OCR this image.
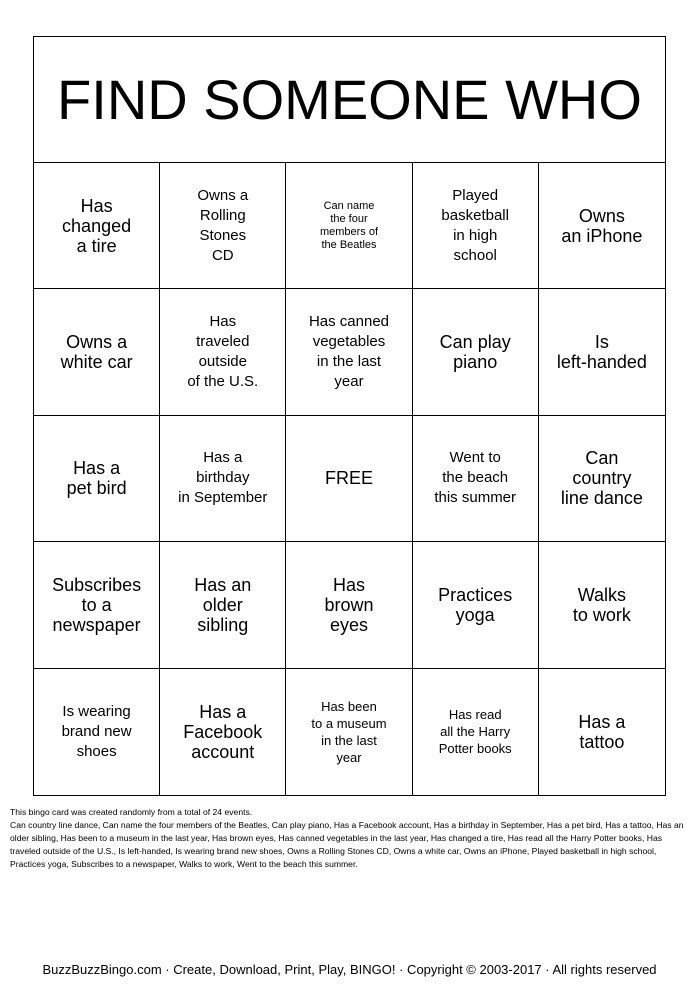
FIND SOMEONE WHO
Has
changed
a tire
Owns a
Rolling
Stones
CD
Can name
the four
members of
the Beatles
Played
basketball
in high
school
Owns
an iPhone
Owns a
white car
Has
traveled
outside
of the U.S.
Has canned
vegetables
in the last
year
Can play
piano
Is
left-handed
Has a
pet bird
Has a
birthday
in September
FREE
Went to
the beach
this summer
Can
country
line dance
Subscribes
to a
newspaper
Has an
older
sibling
Has
brown
eyes
Practices
yoga
Walks
to work
Is wearing
brand new
shoes
Has a
Facebook
account
Has been
to a museum
in the last
year
Has read
all the Harry
Potter books
Has a
tattoo
This bingo card was created randomly from a total of 24 events.
Can country line dance, Can name the four members of the Beatles, Can play piano, Has a Facebook account, Has a birthday in September, Has a pet bird, Has a tattoo, Has an older sibling, Has been to a museum in the last year, Has brown eyes, Has canned vegetables in the last year, Has changed a tire, Has read all the Harry Potter books, Has traveled outside of the U.S., Is left-handed, Is wearing brand new shoes, Owns a Rolling Stones CD, Owns a white car, Owns an iPhone, Played basketball in high school, Practices yoga, Subscribes to a newspaper, Walks to work, Went to the beach this summer.
BuzzBuzzBingo.com · Create, Download, Print, Play, BINGO! · Copyright © 2003-2017 · All rights reserved
